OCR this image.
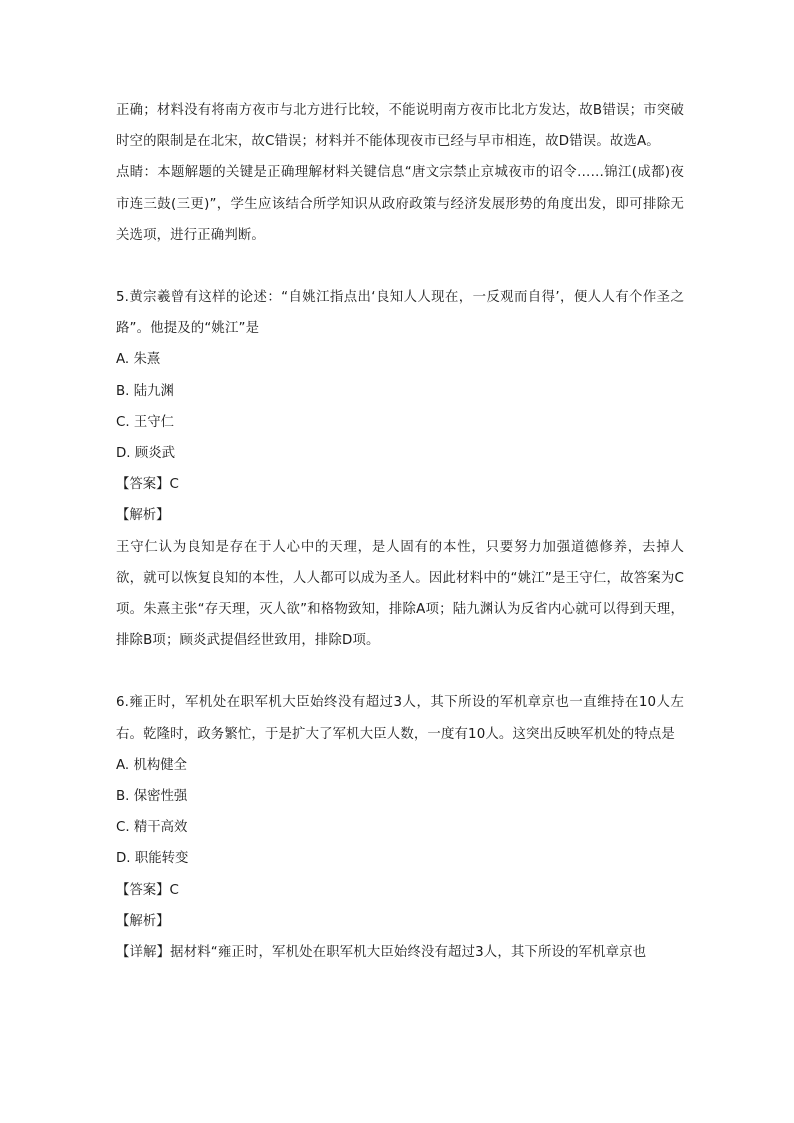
正确；材料没有将南方夜市与北方进行比较，不能说明南方夜市比北方发达，故B错误；市突破时空的限制是在北宋，故C错误；材料并不能体现夜市已经与早市相连，故D错误。故选A。

点睛：本题解题的关键是正确理解材料关键信息“唐文宗禁止京城夜市的诏令……锦江(成都)夜市连三鼓(三更)”，学生应该结合所学知识从政府政策与经济发展形势的角度出发，即可排除无关选项，进行正确判断。

5.黄宗羲曾有这样的论述：“自姚江指点出‘良知人人现在，一反观而自得’，便人人有个作圣之路”。他提及的“姚江”是

A. 朱熹

B. 陆九渊

C. 王守仁

D. 顾炎武

【答案】C

【解析】

王守仁认为良知是存在于人心中的天理，是人固有的本性，只要努力加强道德修养，去掉人欲，就可以恢复良知的本性，人人都可以成为圣人。因此材料中的“姚江”是王守仁，故答案为C项。朱熹主张“存天理，灭人欲”和格物致知，排除A项；陆九渊认为反省内心就可以得到天理，排除B项；顾炎武提倡经世致用，排除D项。

6.雍正时，军机处在职军机大臣始终没有超过3人，其下所设的军机章京也一直维持在10人左右。乾隆时，政务繁忙，于是扩大了军机大臣人数，一度有10人。这突出反映军机处的特点是

A. 机构健全

B. 保密性强

C. 精干高效

D. 职能转变

【答案】C

【解析】

【详解】据材料“雍正时，军机处在职军机大臣始终没有超过3人，其下所设的军机章京也
